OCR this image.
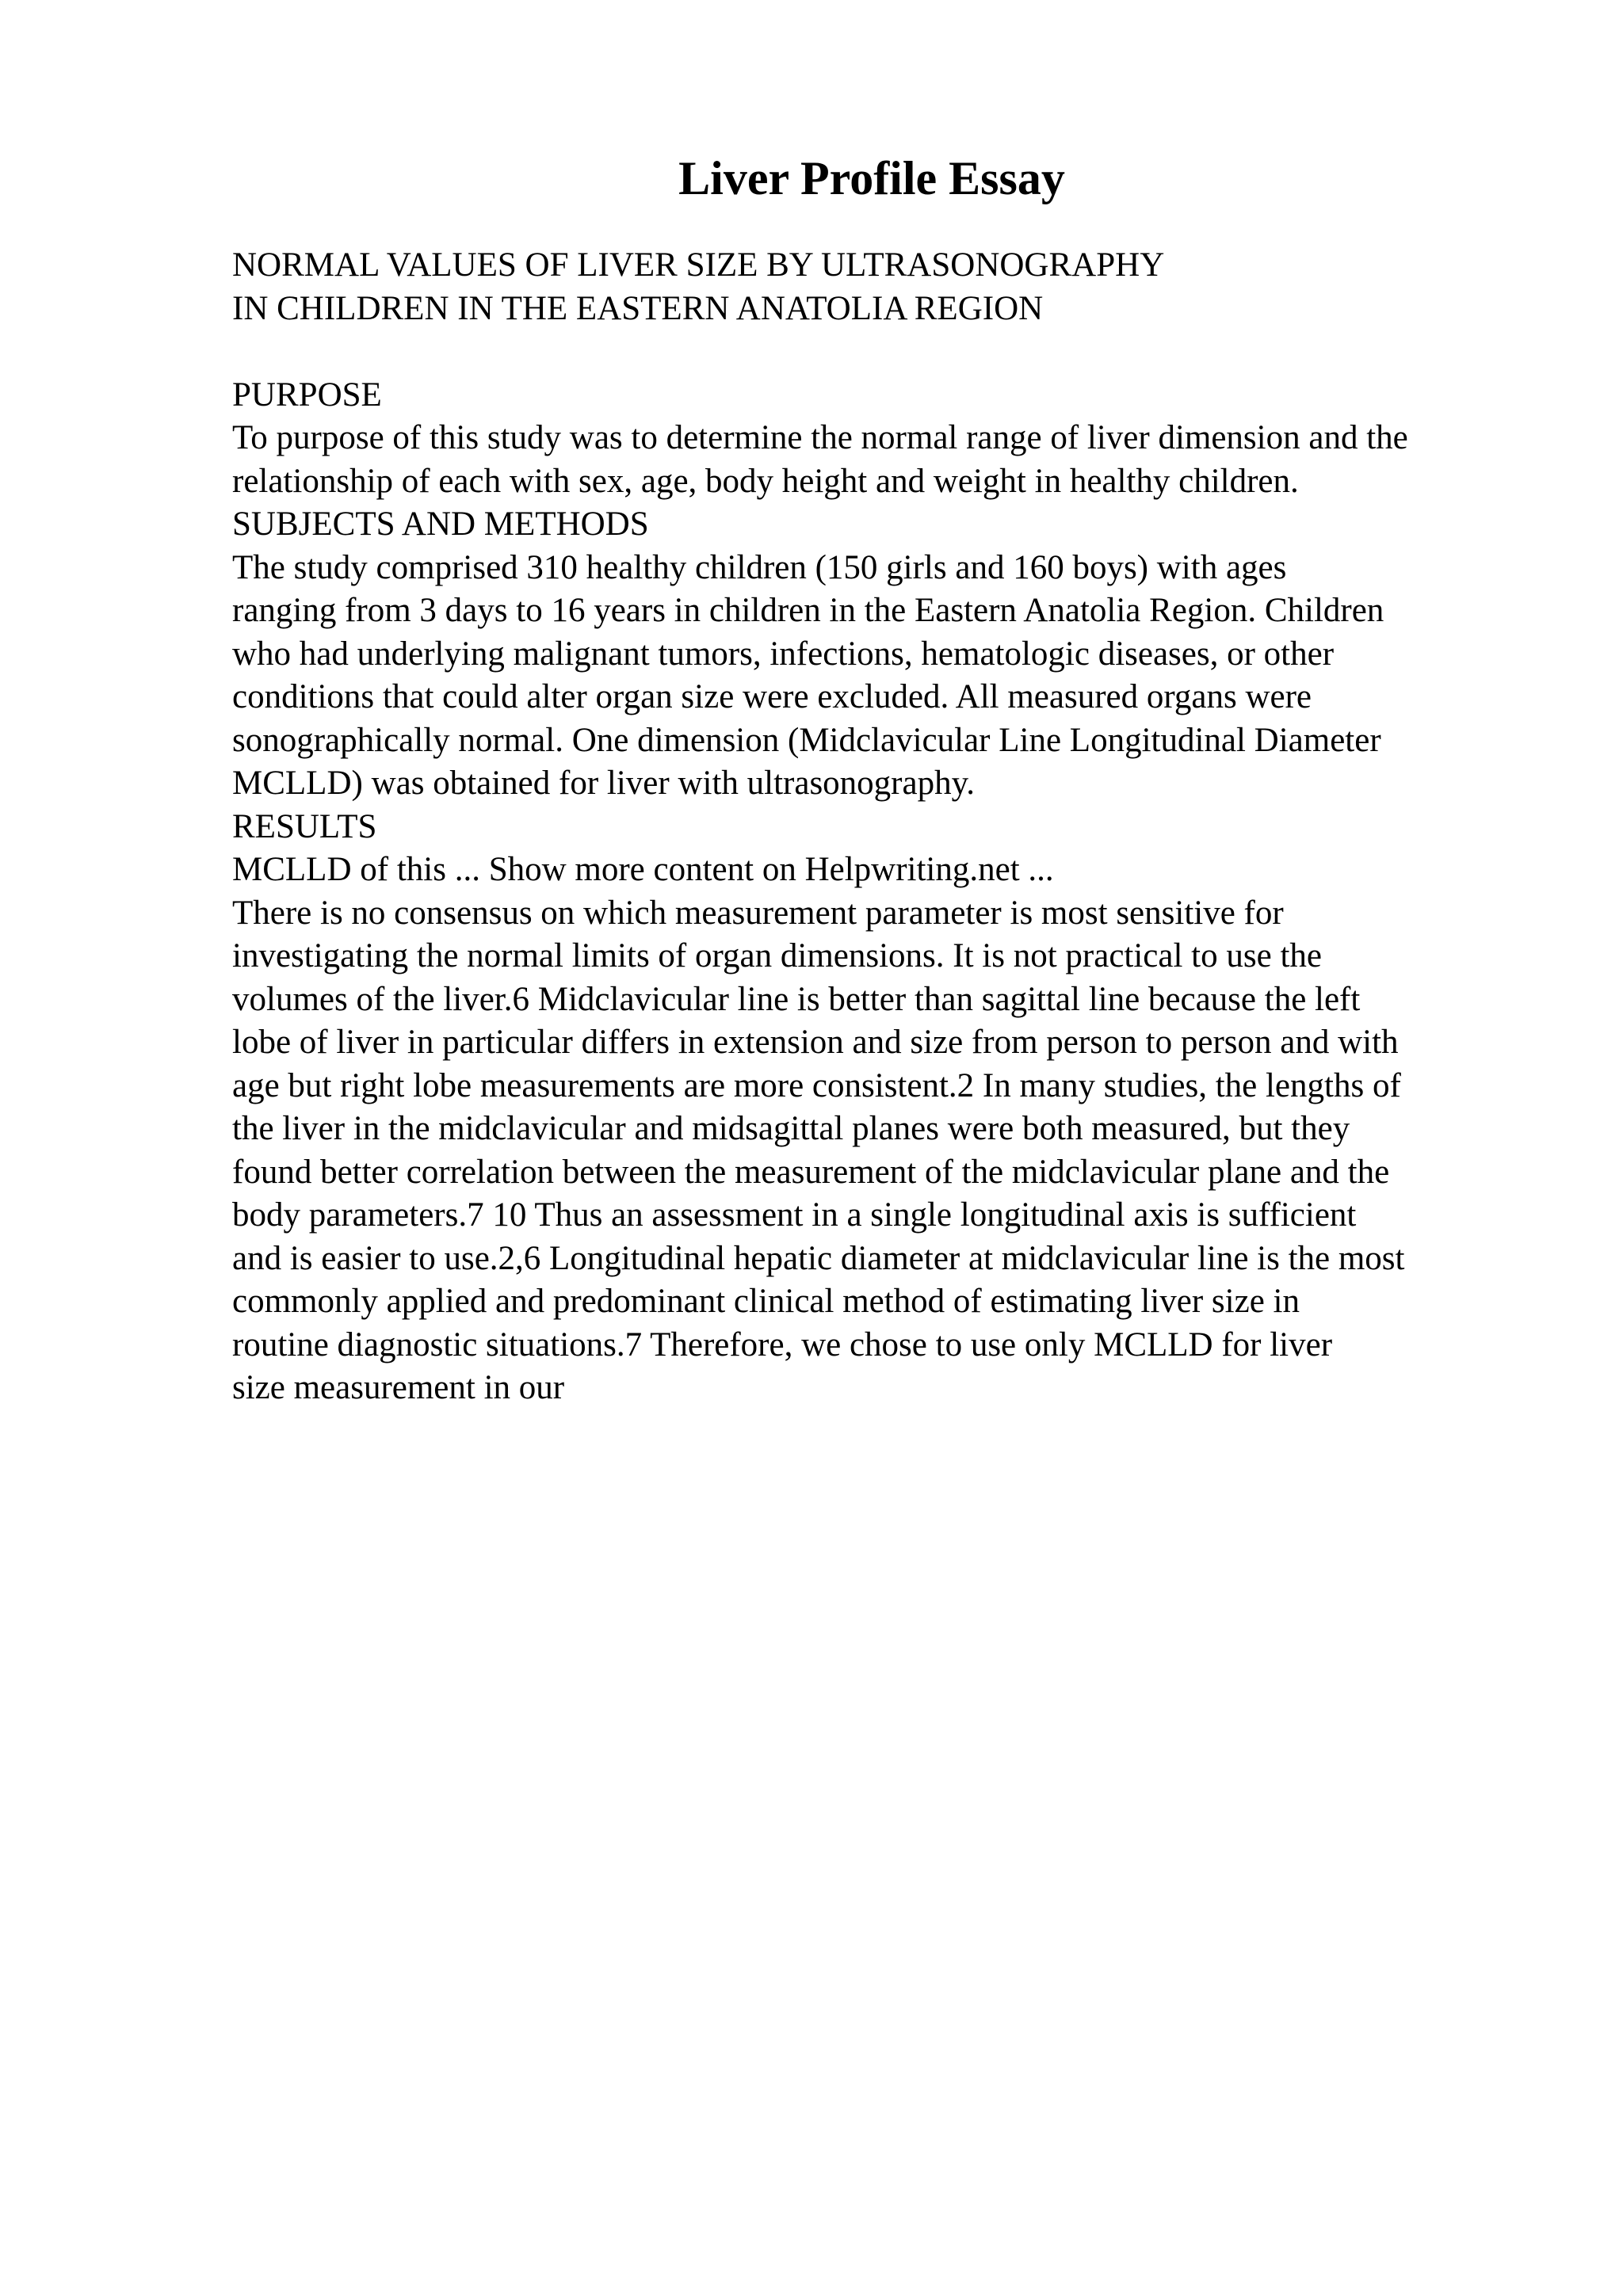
Liver Profile Essay
NORMAL VALUES OF LIVER SIZE BY ULTRASONOGRAPHY
IN CHILDREN IN THE EASTERN ANATOLIA REGION
PURPOSE
To purpose of this study was to determine the normal range of liver dimension and the
relationship of each with sex, age, body height and weight in healthy children.
SUBJECTS AND METHODS
The study comprised 310 healthy children (150 girls and 160 boys) with ages
ranging from 3 days to 16 years in children in the Eastern Anatolia Region. Children
who had underlying malignant tumors, infections, hematologic diseases, or other
conditions that could alter organ size were excluded. All measured organs were
sonographically normal. One dimension (Midclavicular Line Longitudinal Diameter
MCLLD) was obtained for liver with ultrasonography.
RESULTS
MCLLD of this ... Show more content on Helpwriting.net ...
There is no consensus on which measurement parameter is most sensitive for
investigating the normal limits of organ dimensions. It is not practical to use the
volumes of the liver.6 Midclavicular line is better than sagittal line because the left
lobe of liver in particular differs in extension and size from person to person and with
age but right lobe measurements are more consistent.2 In many studies, the lengths of
the liver in the midclavicular and midsagittal planes were both measured, but they
found better correlation between the measurement of the midclavicular plane and the
body parameters.7 10 Thus an assessment in a single longitudinal axis is sufficient
and is easier to use.2,6 Longitudinal hepatic diameter at midclavicular line is the most
commonly applied and predominant clinical method of estimating liver size in
routine diagnostic situations.7 Therefore, we chose to use only MCLLD for liver
size measurement in our
